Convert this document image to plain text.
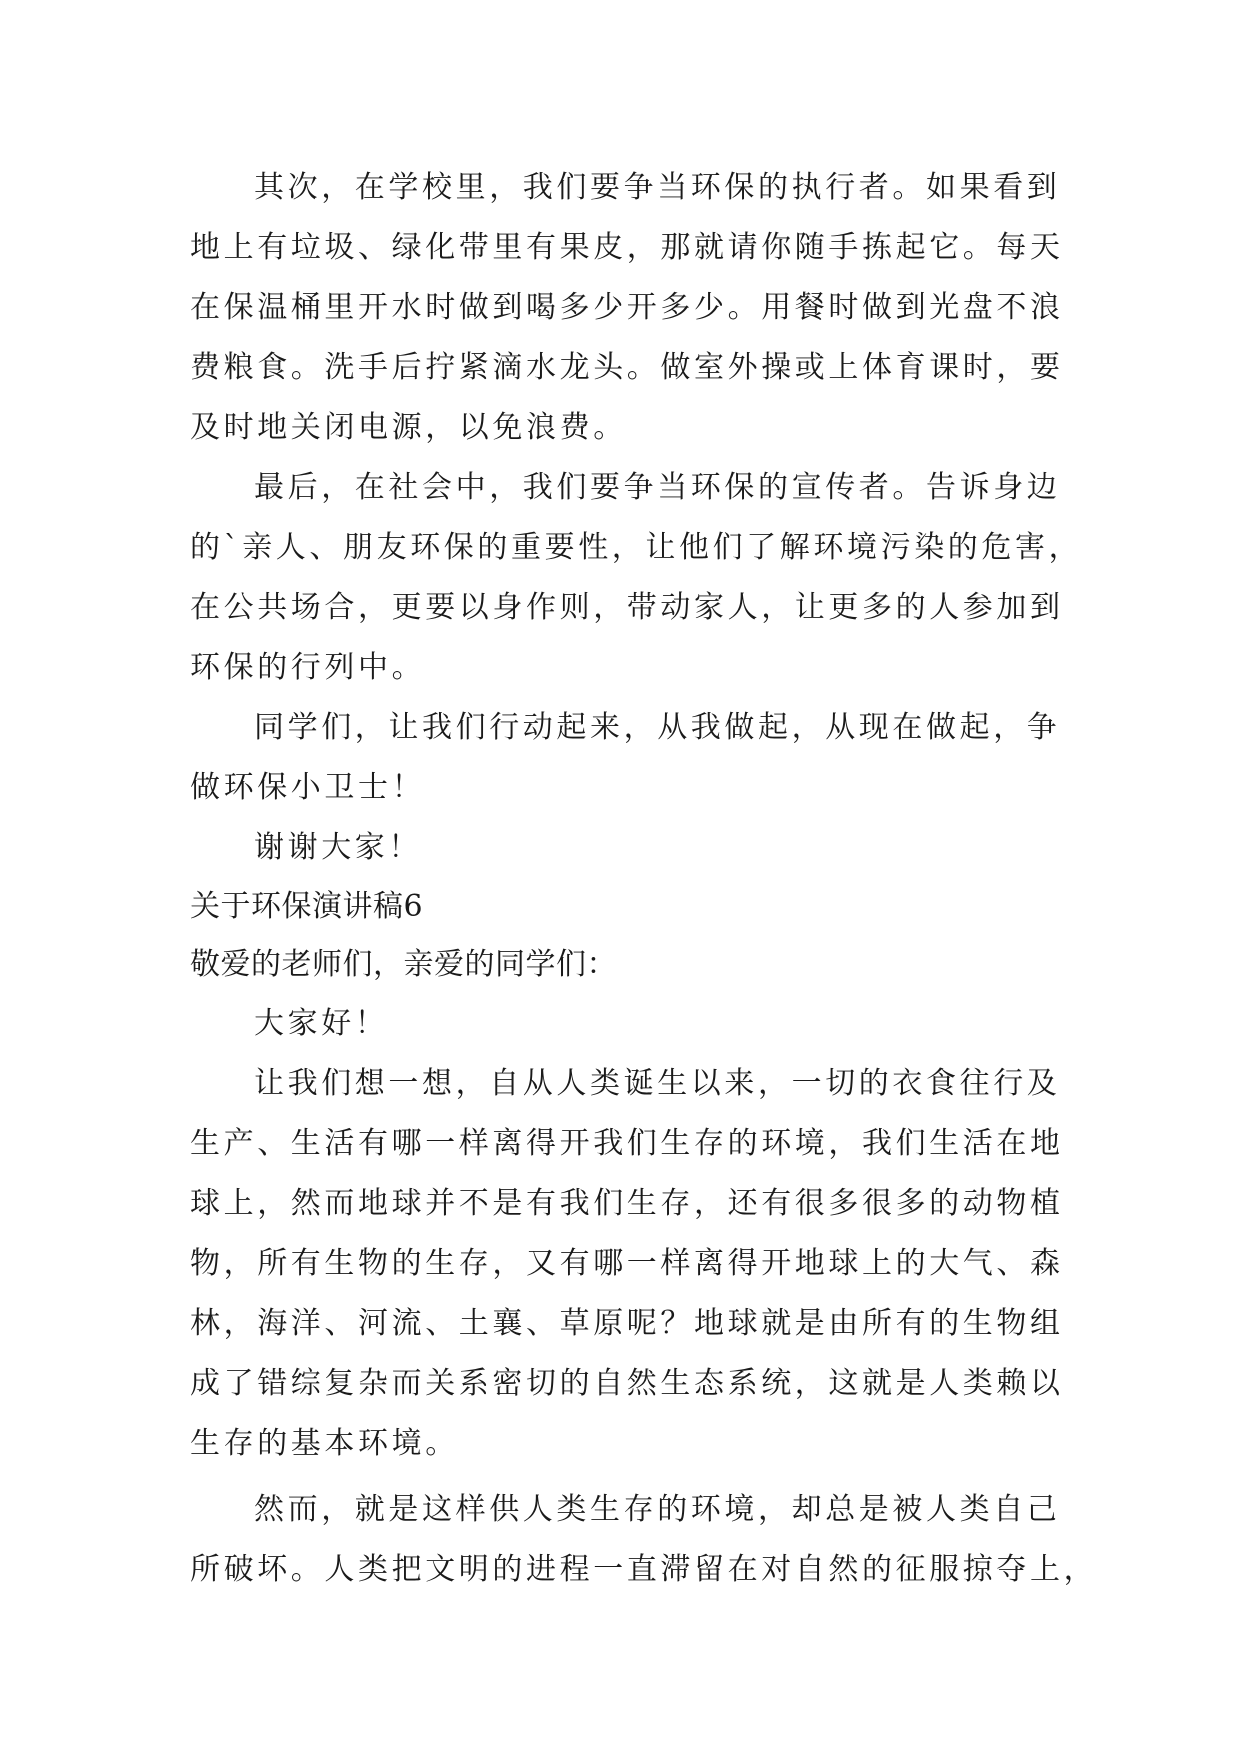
其次，在学校里，我们要争当环保的执行者。如果看到
地上有垃圾、绿化带里有果皮，那就请你随手拣起它。每天
在保温桶里开水时做到喝多少开多少。用餐时做到光盘不浪
费粮食。洗手后拧紧滴水龙头。做室外操或上体育课时，要
及时地关闭电源，以免浪费。
最后，在社会中，我们要争当环保的宣传者。告诉身边
的`亲人、朋友环保的重要性，让他们了解环境污染的危害，
在公共场合，更要以身作则，带动家人，让更多的人参加到
环保的行列中。
同学们，让我们行动起来，从我做起，从现在做起，争
做环保小卫士！
谢谢大家！
关于环保演讲稿6
敬爱的老师们，亲爱的同学们：
大家好！
让我们想一想，自从人类诞生以来，一切的衣食往行及
生产、生活有哪一样离得开我们生存的环境，我们生活在地
球上，然而地球并不是有我们生存，还有很多很多的动物植
物，所有生物的生存，又有哪一样离得开地球上的大气、森
林，海洋、河流、土襄、草原呢？地球就是由所有的生物组
成了错综复杂而关系密切的自然生态系统，这就是人类赖以
生存的基本环境。
然而，就是这样供人类生存的环境，却总是被人类自己
所破坏。人类把文明的进程一直滞留在对自然的征服掠夺上，
